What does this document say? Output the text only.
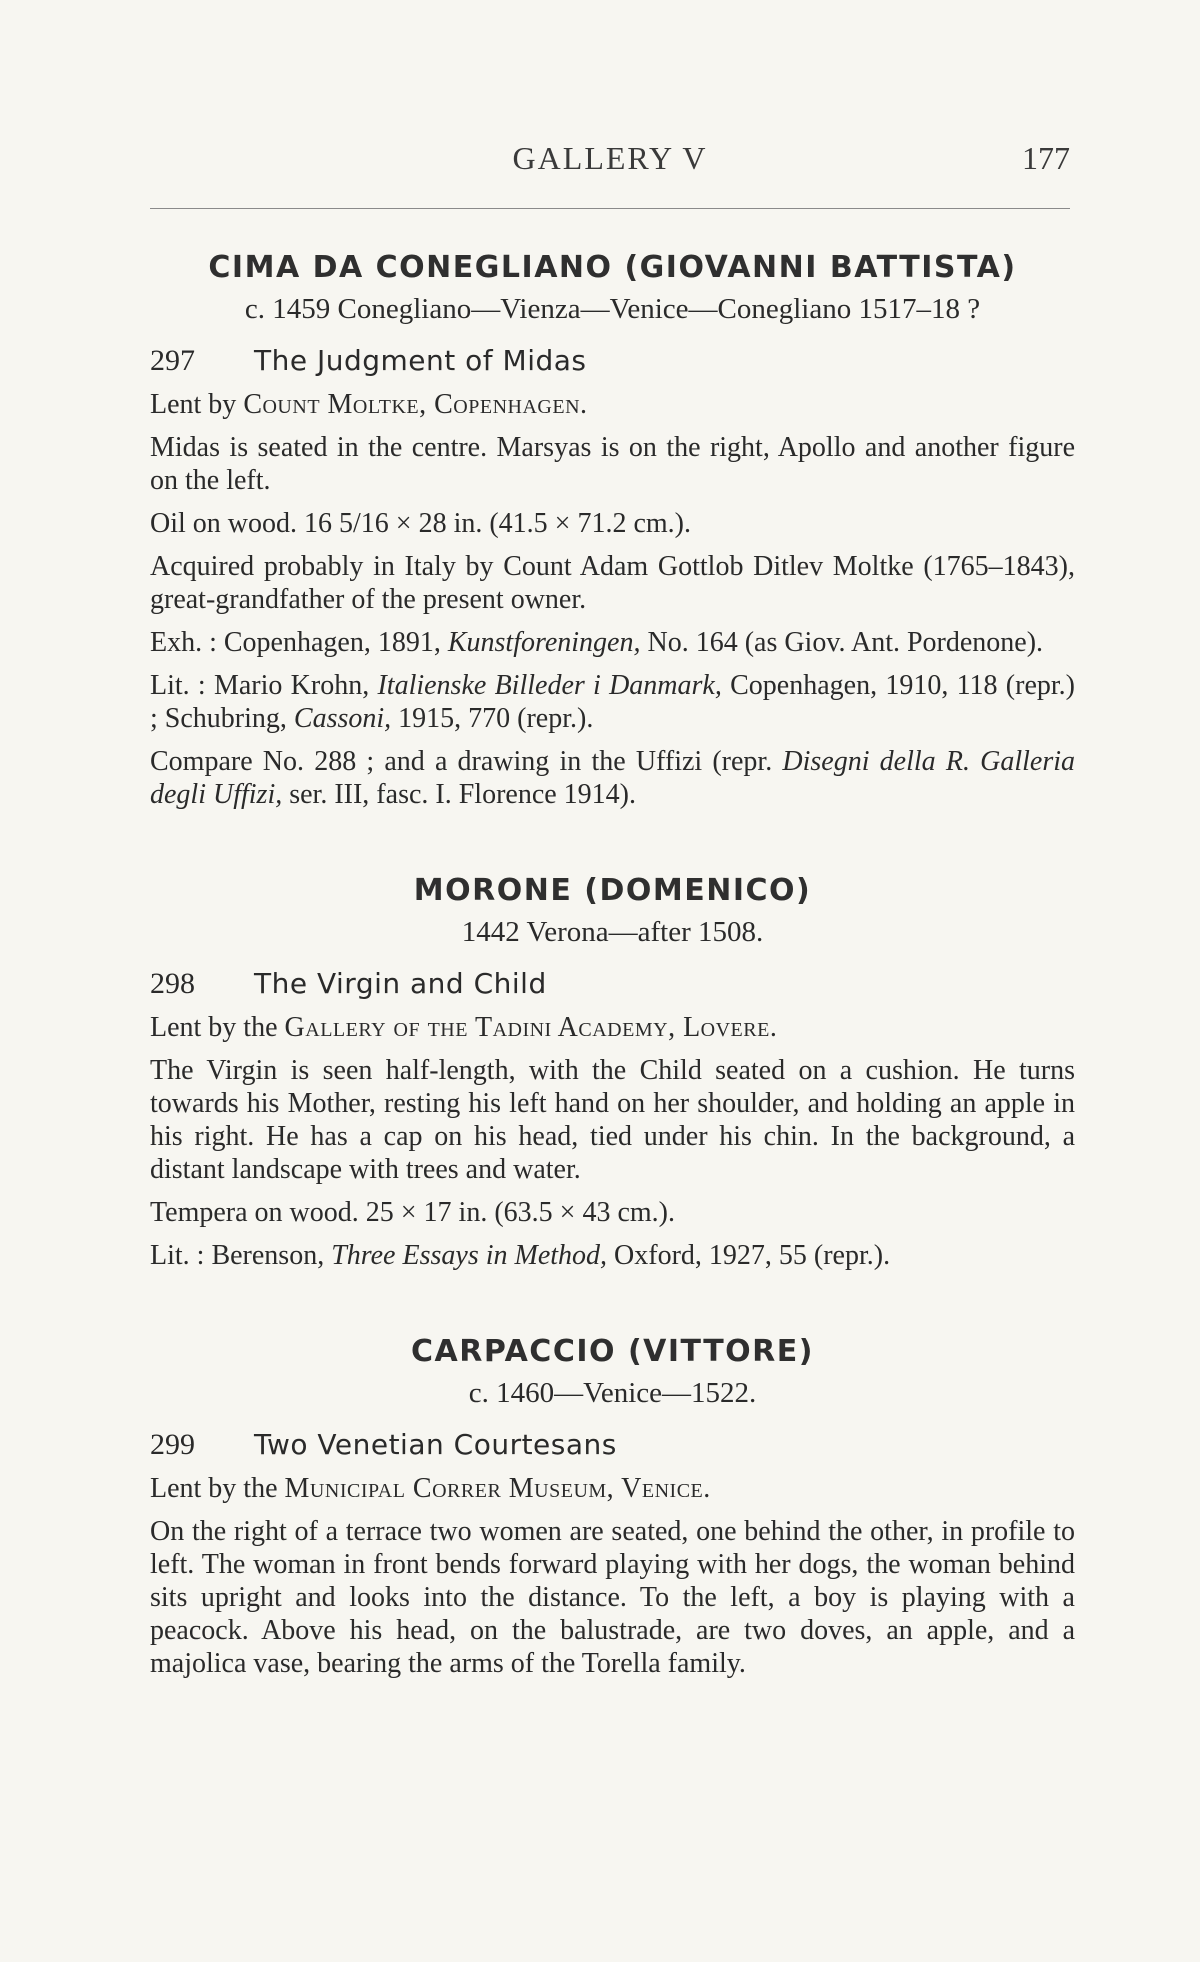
GALLERY V	177
CIMA DA CONEGLIANO (GIOVANNI BATTISTA)
c. 1459 Conegliano—Vienza—Venice—Conegliano 1517–18 ?
297 The Judgment of Midas

Lent by Count Moltke, Copenhagen.

Midas is seated in the centre. Marsyas is on the right, Apollo and another figure on the left.

Oil on wood. 16 5/16 × 28 in. (41.5 × 71.2 cm.).

Acquired probably in Italy by Count Adam Gottlob Ditlev Moltke (1765–1843), great-grandfather of the present owner.

Exh. : Copenhagen, 1891, Kunstforeningen, No. 164 (as Giov. Ant. Pordenone).

Lit. : Mario Krohn, Italienske Billeder i Danmark, Copenhagen, 1910, 118 (repr.) ; Schubring, Cassoni, 1915, 770 (repr.).

Compare No. 288 ; and a drawing in the Uffizi (repr. Disegni della R. Galleria degli Uffizi, ser. III, fasc. I. Florence 1914).

MORONE (DOMENICO)
1442 Verona—after 1508.
298 The Virgin and Child

Lent by the Gallery of the Tadini Academy, Lovere.

The Virgin is seen half-length, with the Child seated on a cushion. He turns towards his Mother, resting his left hand on her shoulder, and holding an apple in his right. He has a cap on his head, tied under his chin. In the background, a distant landscape with trees and water.

Tempera on wood. 25 × 17 in. (63.5 × 43 cm.).

Lit. : Berenson, Three Essays in Method, Oxford, 1927, 55 (repr.).

CARPACCIO (VITTORE)
c. 1460—Venice—1522.
299 Two Venetian Courtesans

Lent by the Municipal Correr Museum, Venice.

On the right of a terrace two women are seated, one behind the other, in profile to left. The woman in front bends forward playing with her dogs, the woman behind sits upright and looks into the distance. To the left, a boy is playing with a peacock. Above his head, on the balustrade, are two doves, an apple, and a majolica vase, bearing the arms of the Torella family.
